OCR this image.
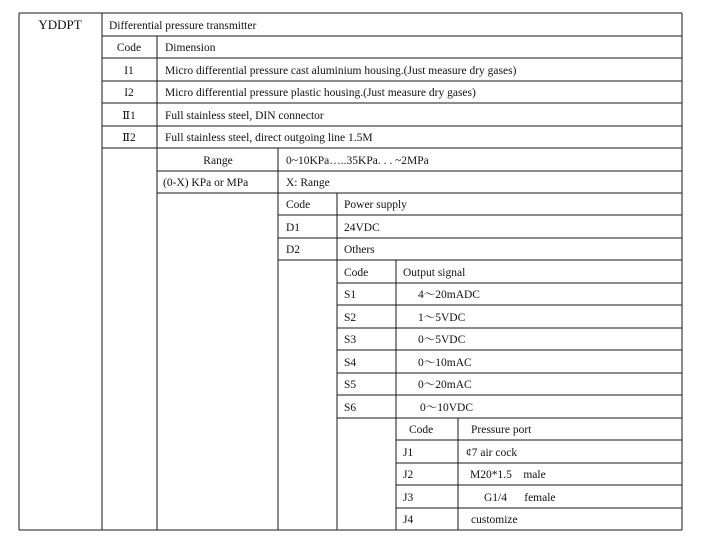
YDDPT Differential pressure transmitter
Code Dimension
I1	Micro differential pressure cast aluminium housing.(Just measure dry gases)
I2	Micro differential pressure plastic housing.(Just measure dry gases)
Ⅱ1	Full stainless steel, DIN connector
Ⅱ2	Full stainless steel, direct outgoing line 1.5M
Range	0~10KPa…..35KPa. . . ~2MPa
(0-X) KPa or MPa	X: Range
Code	Power supply
D1	24VDC
D2	Others
Code	Output signal
S1	4～20mADC
S2	1～5VDC
S3	0～5VDC
S4	0～10mAC
S5	0～20mAC
S6	0～10VDC
Code	Pressure port
J1	¢7 air cock
J2	M20*1.5    male
J3	G1/4      female
J4	customize
